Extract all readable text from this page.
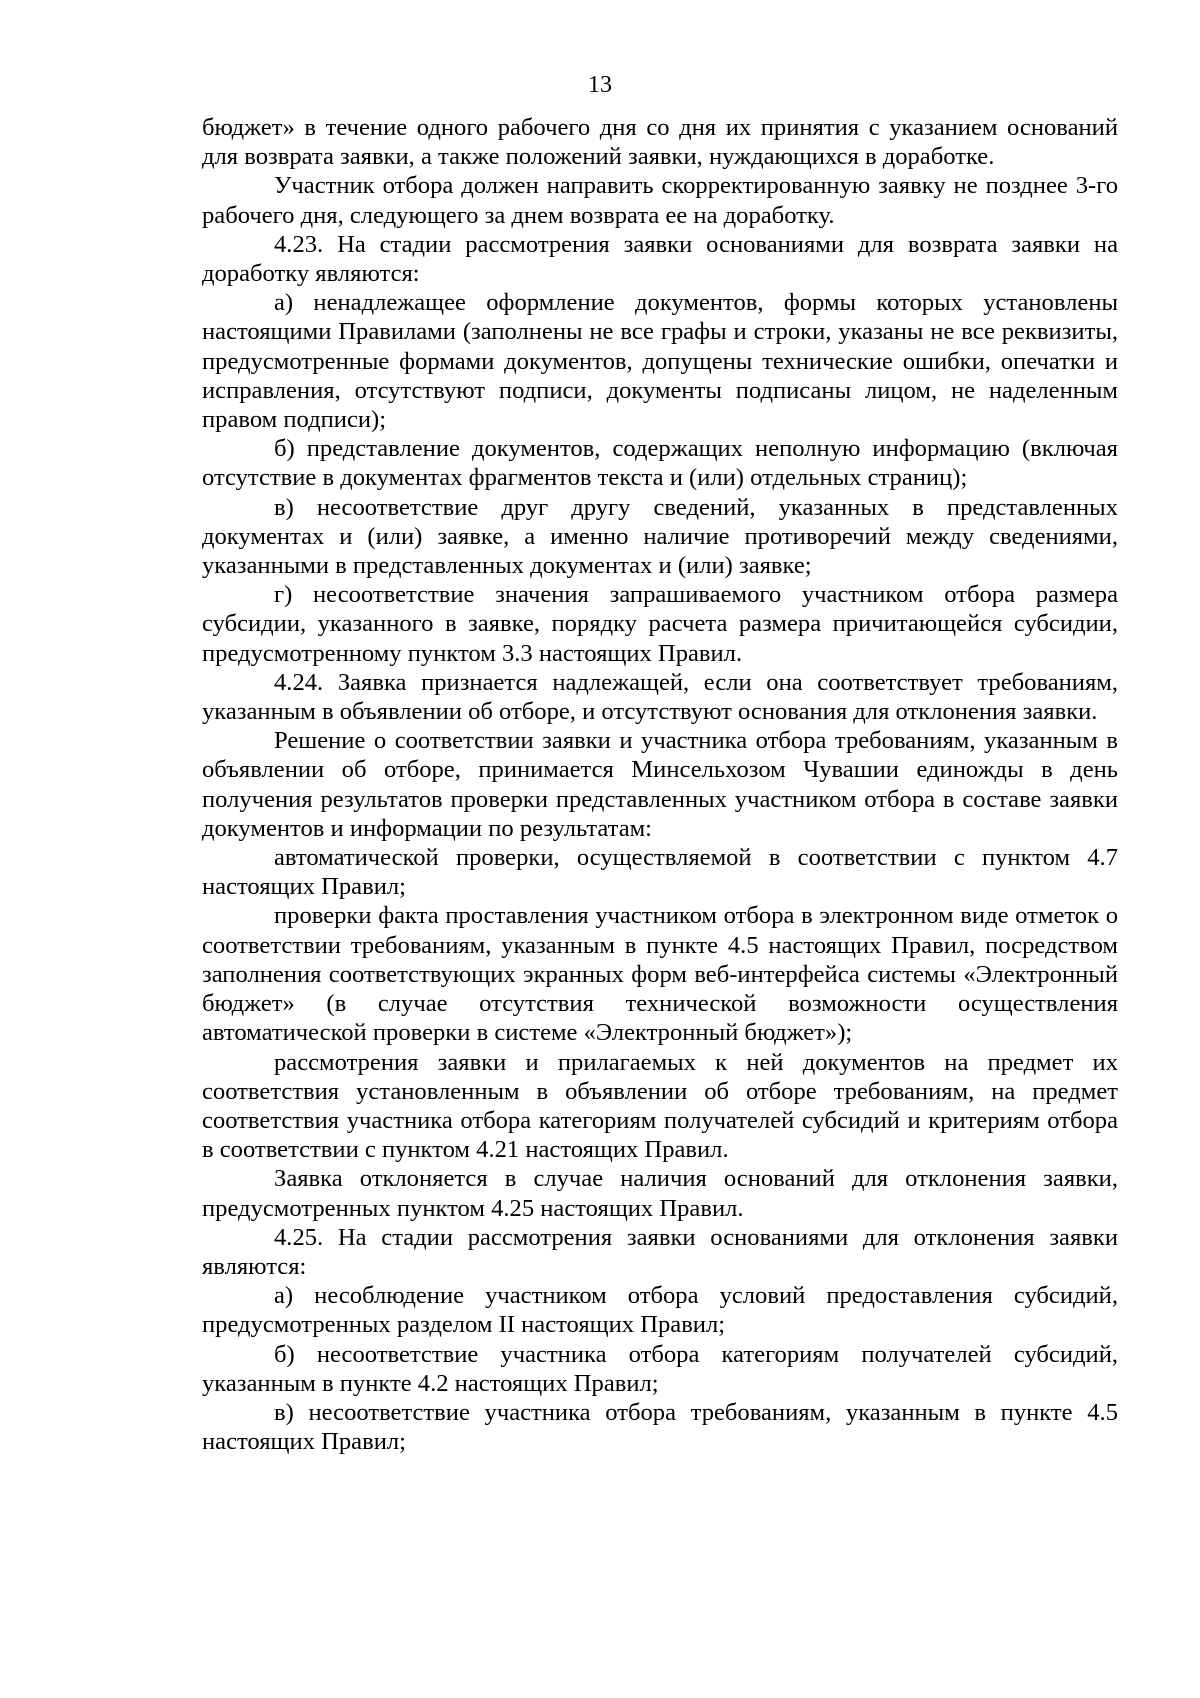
13

бюджет» в течение одного рабочего дня со дня их принятия с указанием оснований для возврата заявки, а также положений заявки, нуждающихся в доработке.

Участник отбора должен направить скорректированную заявку не позднее 3-го рабочего дня, следующего за днем возврата ее на доработку.

4.23. На стадии рассмотрения заявки основаниями для возврата заявки на доработку являются:

а) ненадлежащее оформление документов, формы которых установлены настоящими Правилами (заполнены не все графы и строки, указаны не все реквизиты, предусмотренные формами документов, допущены технические ошибки, опечатки и исправления, отсутствуют подписи, документы подписаны лицом, не наделенным правом подписи);

б) представление документов, содержащих неполную информацию (включая отсутствие в документах фрагментов текста и (или) отдельных страниц);

в) несоответствие друг другу сведений, указанных в представленных документах и (или) заявке, а именно наличие противоречий между сведениями, указанными в представленных документах и (или) заявке;

г) несоответствие значения запрашиваемого участником отбора размера субсидии, указанного в заявке, порядку расчета размера причитающейся субсидии, предусмотренному пунктом 3.3 настоящих Правил.

4.24. Заявка признается надлежащей, если она соответствует требованиям, указанным в объявлении об отборе, и отсутствуют основания для отклонения заявки.

Решение о соответствии заявки и участника отбора требованиям, указанным в объявлении об отборе, принимается Минсельхозом Чувашии единожды в день получения результатов проверки представленных участником отбора в составе заявки документов и информации по результатам:

автоматической проверки, осуществляемой в соответствии с пунктом 4.7 настоящих Правил;

проверки факта проставления участником отбора в электронном виде отметок о соответствии требованиям, указанным в пункте 4.5 настоящих Правил, посредством заполнения соответствующих экранных форм веб-интерфейса системы «Электронный бюджет» (в случае отсутствия технической возможности осуществления автоматической проверки в системе «Электронный бюджет»);

рассмотрения заявки и прилагаемых к ней документов на предмет их соответствия установленным в объявлении об отборе требованиям, на предмет соответствия участника отбора категориям получателей субсидий и критериям отбора в соответствии с пунктом 4.21 настоящих Правил.

Заявка отклоняется в случае наличия оснований для отклонения заявки, предусмотренных пунктом 4.25 настоящих Правил.

4.25. На стадии рассмотрения заявки основаниями для отклонения заявки являются:

а) несоблюдение участником отбора условий предоставления субсидий, предусмотренных разделом II настоящих Правил;

б) несоответствие участника отбора категориям получателей субсидий, указанным в пункте 4.2 настоящих Правил;

в) несоответствие участника отбора требованиям, указанным в пункте 4.5 настоящих Правил;
